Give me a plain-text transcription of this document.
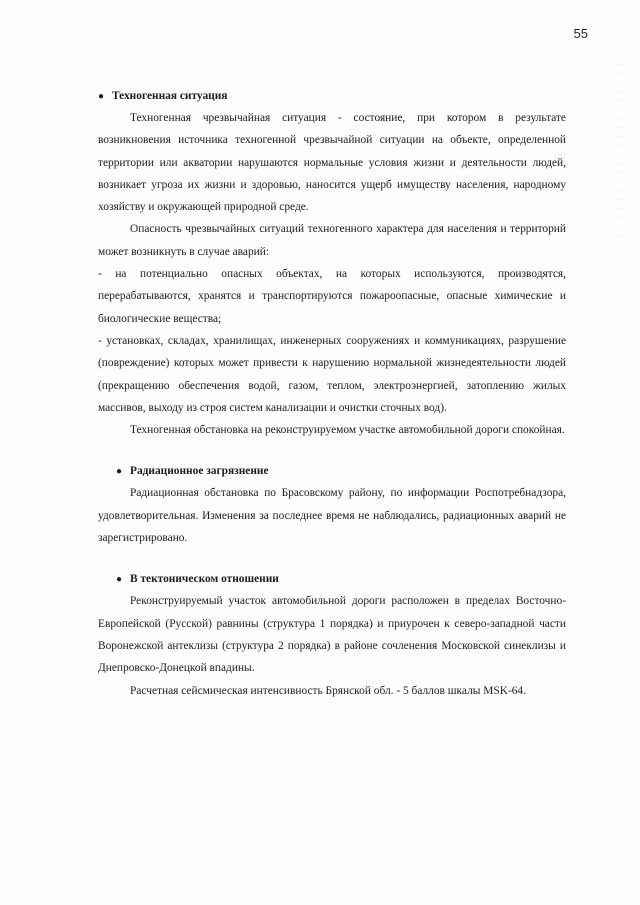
55
● Техногенная ситуация

Техногенная чрезвычайная ситуация - состояние, при котором в результате возникновения источника техногенной чрезвычайной ситуации на объекте, определенной территории или акватории нарушаются нормальные условия жизни и деятельности людей, возникает угроза их жизни и здоровью, наносится ущерб имуществу населения, народному хозяйству и окружающей природной среде.

Опасность чрезвычайных ситуаций техногенного характера для населения и территорий может возникнуть в случае аварий:

- на потенциально опасных объектах, на которых используются, производятся, перерабатываются, хранятся и транспортируются пожароопасные, опасные химические и биологические вещества;

- установках, складах, хранилищах, инженерных сооружениях и коммуникациях, разрушение (повреждение) которых может привести к нарушению нормальной жизнедеятельности людей (прекращению обеспечения водой, газом, теплом, электроэнергией, затоплению жилых массивов, выходу из строя систем канализации и очистки сточных вод).

Техногенная обстановка на реконструируемом участке автомобильной дороги спокойная.

● Радиационное загрязнение

Радиационная обстановка по Брасовскому району, по информации Роспотребнадзора, удовлетворительная. Изменения за последнее время не наблюдались, радиационных аварий не зарегистрировано.

● В тектоническом отношении

Реконструируемый участок автомобильной дороги расположен в пределах Восточно-Европейской (Русской) равнины (структура 1 порядка) и приурочен к северо-западной части Воронежской антеклизы (структура 2 порядка) в районе сочленения Московской синеклизы и Днепровско-Донецкой впадины.

Расчетная сейсмическая интенсивность Брянской обл. - 5 баллов шкалы MSK-64.
